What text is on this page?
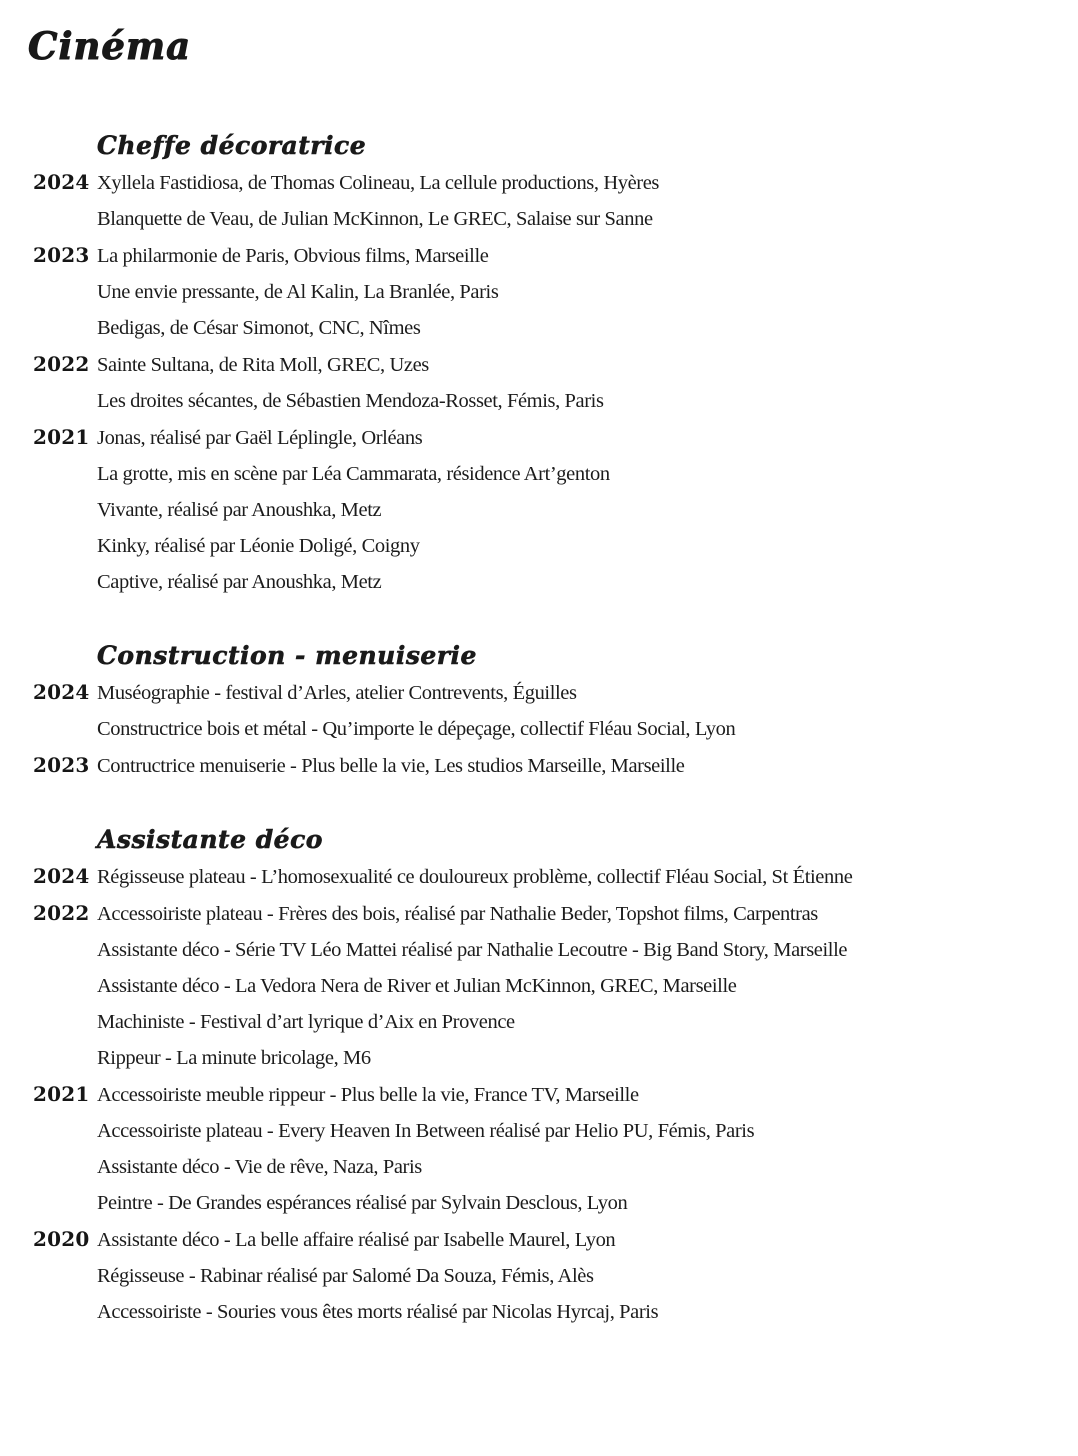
Cinéma
Cheffe décoratrice
2024 Xyllela Fastidiosa, de Thomas Colineau, La cellule productions, Hyères
Blanquette de Veau, de Julian McKinnon, Le GREC, Salaise sur Sanne
2023 La philarmonie de Paris, Obvious films, Marseille
Une envie pressante, de Al Kalin, La Branlée, Paris
Bedigas, de César Simonot, CNC, Nîmes
2022 Sainte Sultana, de Rita Moll, GREC, Uzes
Les droites sécantes, de Sébastien Mendoza-Rosset, Fémis, Paris
2021 Jonas, réalisé par Gaël Léplingle, Orléans
La grotte, mis en scène par Léa Cammarata, résidence Art’genton
Vivante, réalisé par Anoushka, Metz
Kinky, réalisé par Léonie Doligé, Coigny
Captive, réalisé par Anoushka, Metz
Construction - menuiserie
2024 Muséographie - festival d’Arles, atelier Contrevents, Éguilles
Constructrice bois et métal - Qu’importe le dépeçage, collectif Fléau Social, Lyon
2023 Contructrice menuiserie - Plus belle la vie, Les studios Marseille, Marseille
Assistante déco
2024 Régisseuse plateau - L’homosexualité ce douloureux problème, collectif Fléau Social, St Étienne
2022 Accessoiriste plateau - Frères des bois, réalisé par Nathalie Beder, Topshot films, Carpentras
Assistante déco - Série TV Léo Mattei réalisé par Nathalie Lecoutre - Big Band Story, Marseille
Assistante déco - La Vedora Nera de River et Julian McKinnon, GREC, Marseille
Machiniste - Festival d’art lyrique d’Aix en Provence
Rippeur - La minute bricolage, M6
2021 Accessoiriste meuble rippeur - Plus belle la vie, France TV, Marseille
Accessoiriste plateau - Every Heaven In Between réalisé par Helio PU, Fémis, Paris
Assistante déco - Vie de rêve, Naza, Paris
Peintre - De Grandes espérances réalisé par Sylvain Desclous, Lyon
2020 Assistante déco - La belle affaire réalisé par Isabelle Maurel, Lyon
Régisseuse - Rabinar réalisé par Salomé Da Souza, Fémis, Alès
Accessoiriste - Souries vous êtes morts réalisé par Nicolas Hyrcaj, Paris
